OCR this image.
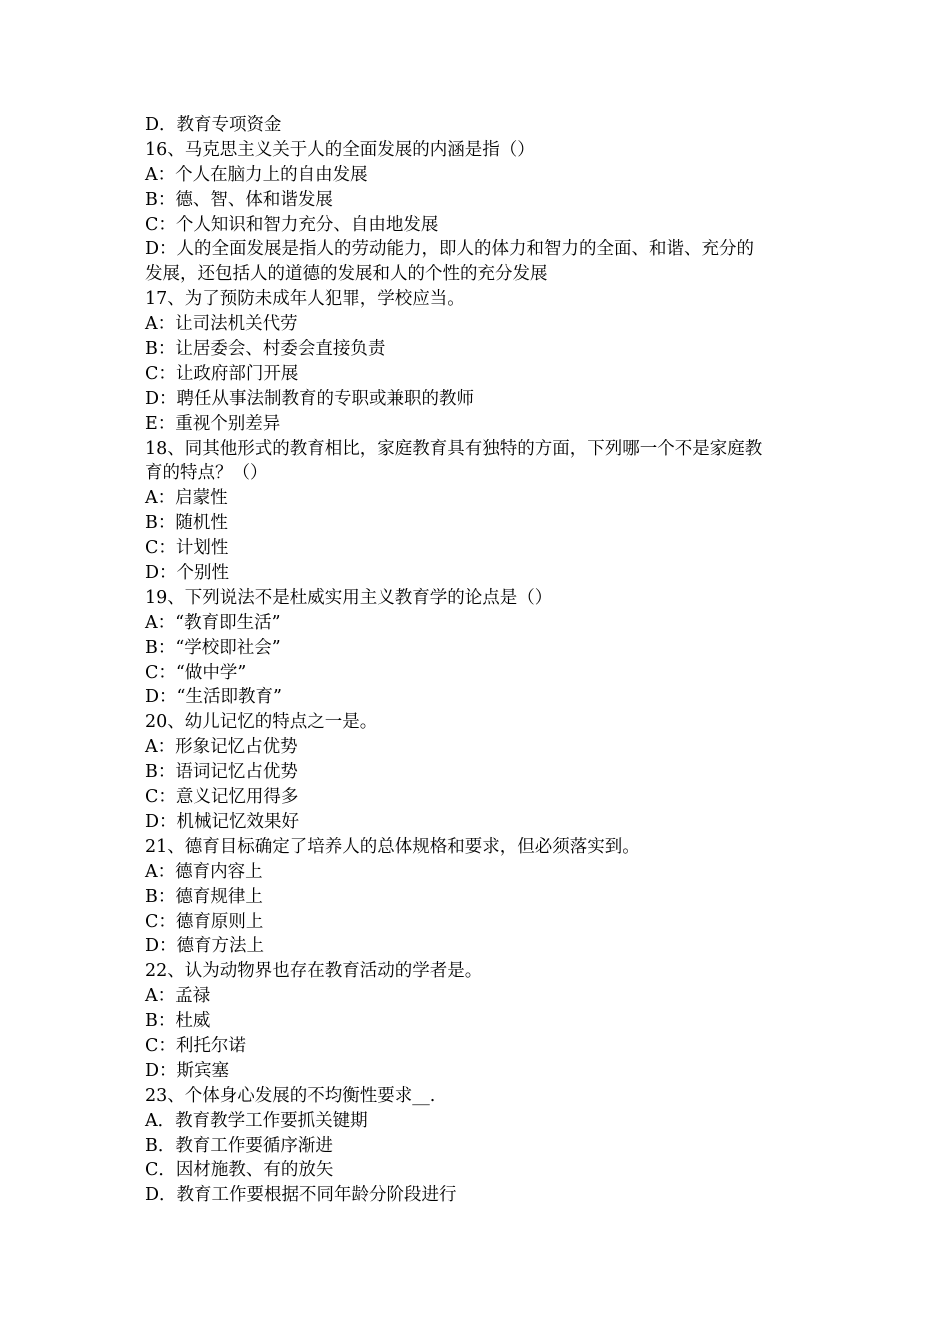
D．教育专项资金
16、马克思主义关于人的全面发展的内涵是指（）
A：个人在脑力上的自由发展
B：德、智、体和谐发展
C：个人知识和智力充分、自由地发展
D：人的全面发展是指人的劳动能力，即人的体力和智力的全面、和谐、充分的
发展，还包括人的道德的发展和人的个性的充分发展
17、为了预防未成年人犯罪，学校应当。
A：让司法机关代劳
B：让居委会、村委会直接负责
C：让政府部门开展
D：聘任从事法制教育的专职或兼职的教师
E：重视个别差异
18、同其他形式的教育相比，家庭教育具有独特的方面，下列哪一个不是家庭教
育的特点？（）
A：启蒙性
B：随机性
C：计划性
D：个别性
19、下列说法不是杜威实用主义教育学的论点是（）
A：“教育即生活”
B：“学校即社会”
C：“做中学”
D：“生活即教育”
20、幼儿记忆的特点之一是。
A：形象记忆占优势
B：语词记忆占优势
C：意义记忆用得多
D：机械记忆效果好
21、德育目标确定了培养人的总体规格和要求，但必须落实到。
A：德育内容上
B：德育规律上
C：德育原则上
D：德育方法上
22、认为动物界也存在教育活动的学者是。
A：孟禄
B：杜威
C：利托尔诺
D：斯宾塞
23、个体身心发展的不均衡性要求__.
A．教育教学工作要抓关键期
B．教育工作要循序渐进
C．因材施教、有的放矢
D．教育工作要根据不同年龄分阶段进行
